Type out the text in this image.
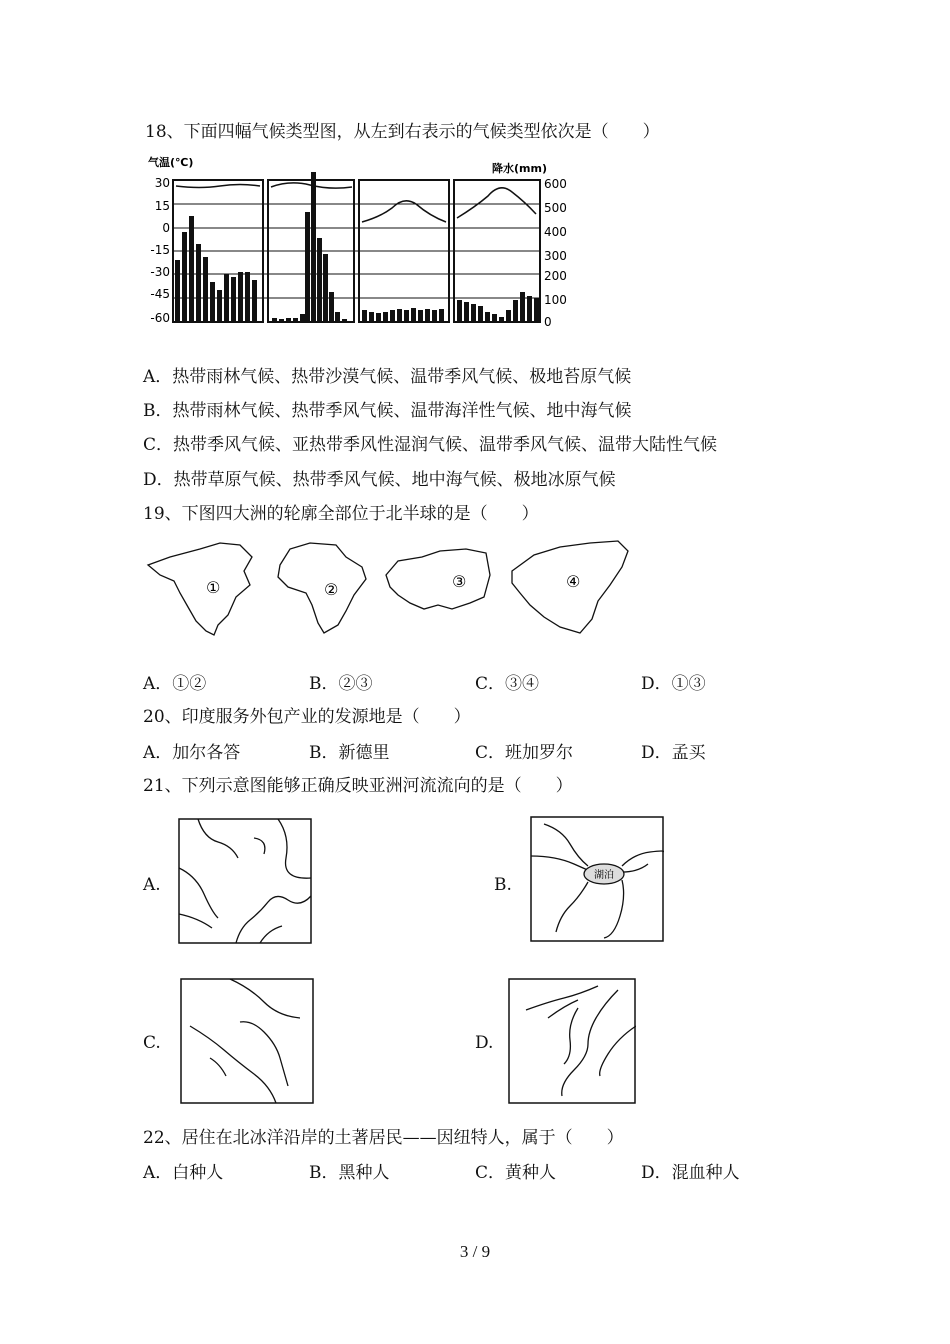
18、下面四幅气候类型图，从左到右表示的气候类型依次是（　　）
气温(℃)	降水(mm)
30
15
0
-15
-30
-45
-60
600
500
400
300
200
100
0
A．热带雨林气候、热带沙漠气候、温带季风气候、极地苔原气候
B．热带雨林气候、热带季风气候、温带海洋性气候、地中海气候
C．热带季风气候、亚热带季风性湿润气候、温带季风气候、温带大陆性气候
D．热带草原气候、热带季风气候、地中海气候、极地冰原气候
19、下图四大洲的轮廓全部位于北半球的是（　　）
①	②	③	④
A．①②	B．②③	C．③④	D．①③
20、印度服务外包产业的发源地是（　　）
A．加尔各答	B．新德里	C．班加罗尔	D．孟买
21、下列示意图能够正确反映亚洲河流流向的是（　　）
A.	B.	湖泊
C.	D.
22、居住在北冰洋沿岸的土著居民——因纽特人，属于（　　）
A．白种人	B．黑种人	C．黄种人	D．混血种人
3 / 9
